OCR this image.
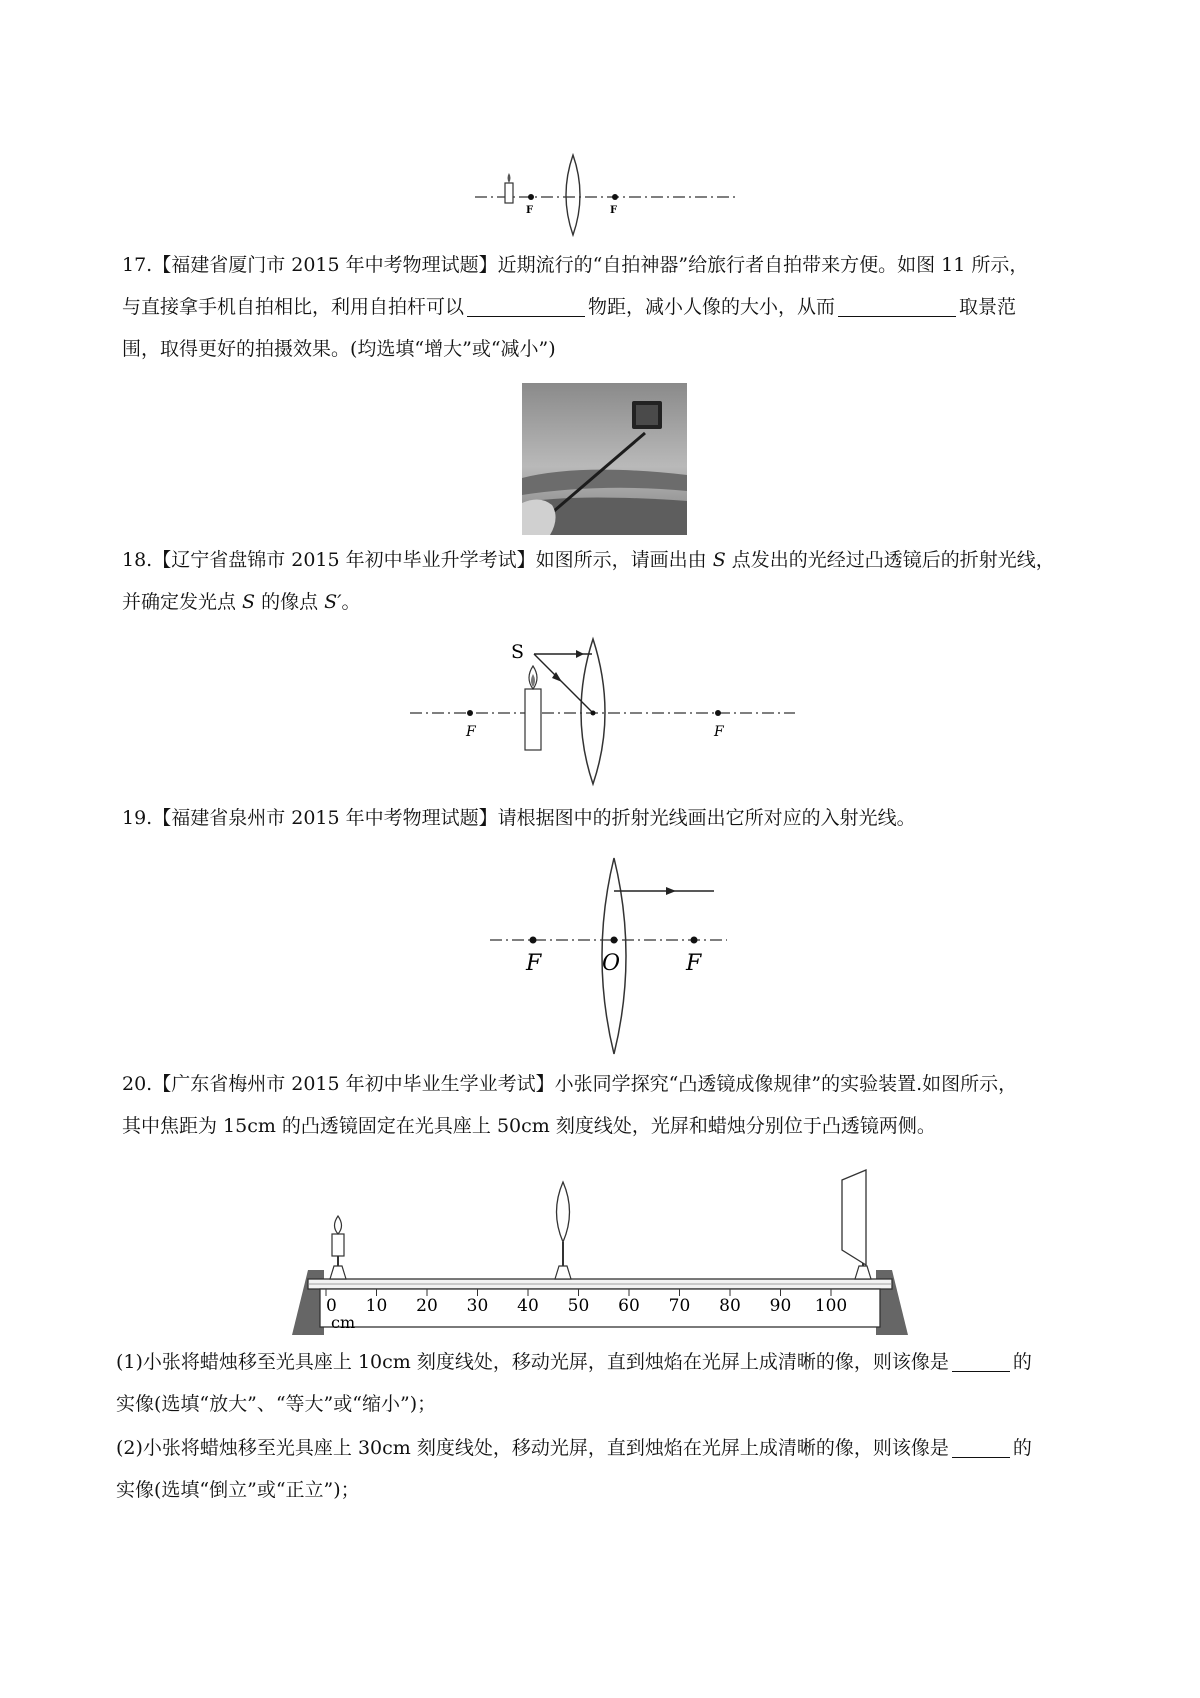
F	F
17.【福建省厦门市 2015 年中考物理试题】近期流行的“自拍神器”给旅行者自拍带来方便。如图 11 所示，
与直接拿手机自拍相比，利用自拍杆可以	物距，减小人像的大小，从而	取景范
围，取得更好的拍摄效果。(均选填“增大”或“减小”)
18.【辽宁省盘锦市 2015 年初中毕业升学考试】如图所示，请画出由 S 点发出的光经过凸透镜后的折射光线，
并确定发光点 S 的像点 S′。
F
S
F
19.【福建省泉州市 2015 年中考物理试题】请根据图中的折射光线画出它所对应的入射光线。
F	O	F
20.【广东省梅州市 2015 年初中毕业生学业考试】小张同学探究“凸透镜成像规律”的实验装置.如图所示，
其中焦距为 15cm 的凸透镜固定在光具座上 50cm 刻度线处，光屏和蜡烛分别位于凸透镜两侧。
0 10 20 30 40 50 60 70 80 90 100
cm
(1)小张将蜡烛移至光具座上 10cm 刻度线处，移动光屏，直到烛焰在光屏上成清晰的像，则该像是	的
实像(选填“放大”、“等大”或“缩小”)；
(2)小张将蜡烛移至光具座上 30cm 刻度线处，移动光屏，直到烛焰在光屏上成清晰的像，则该像是	的
实像(选填“倒立”或“正立”)；
